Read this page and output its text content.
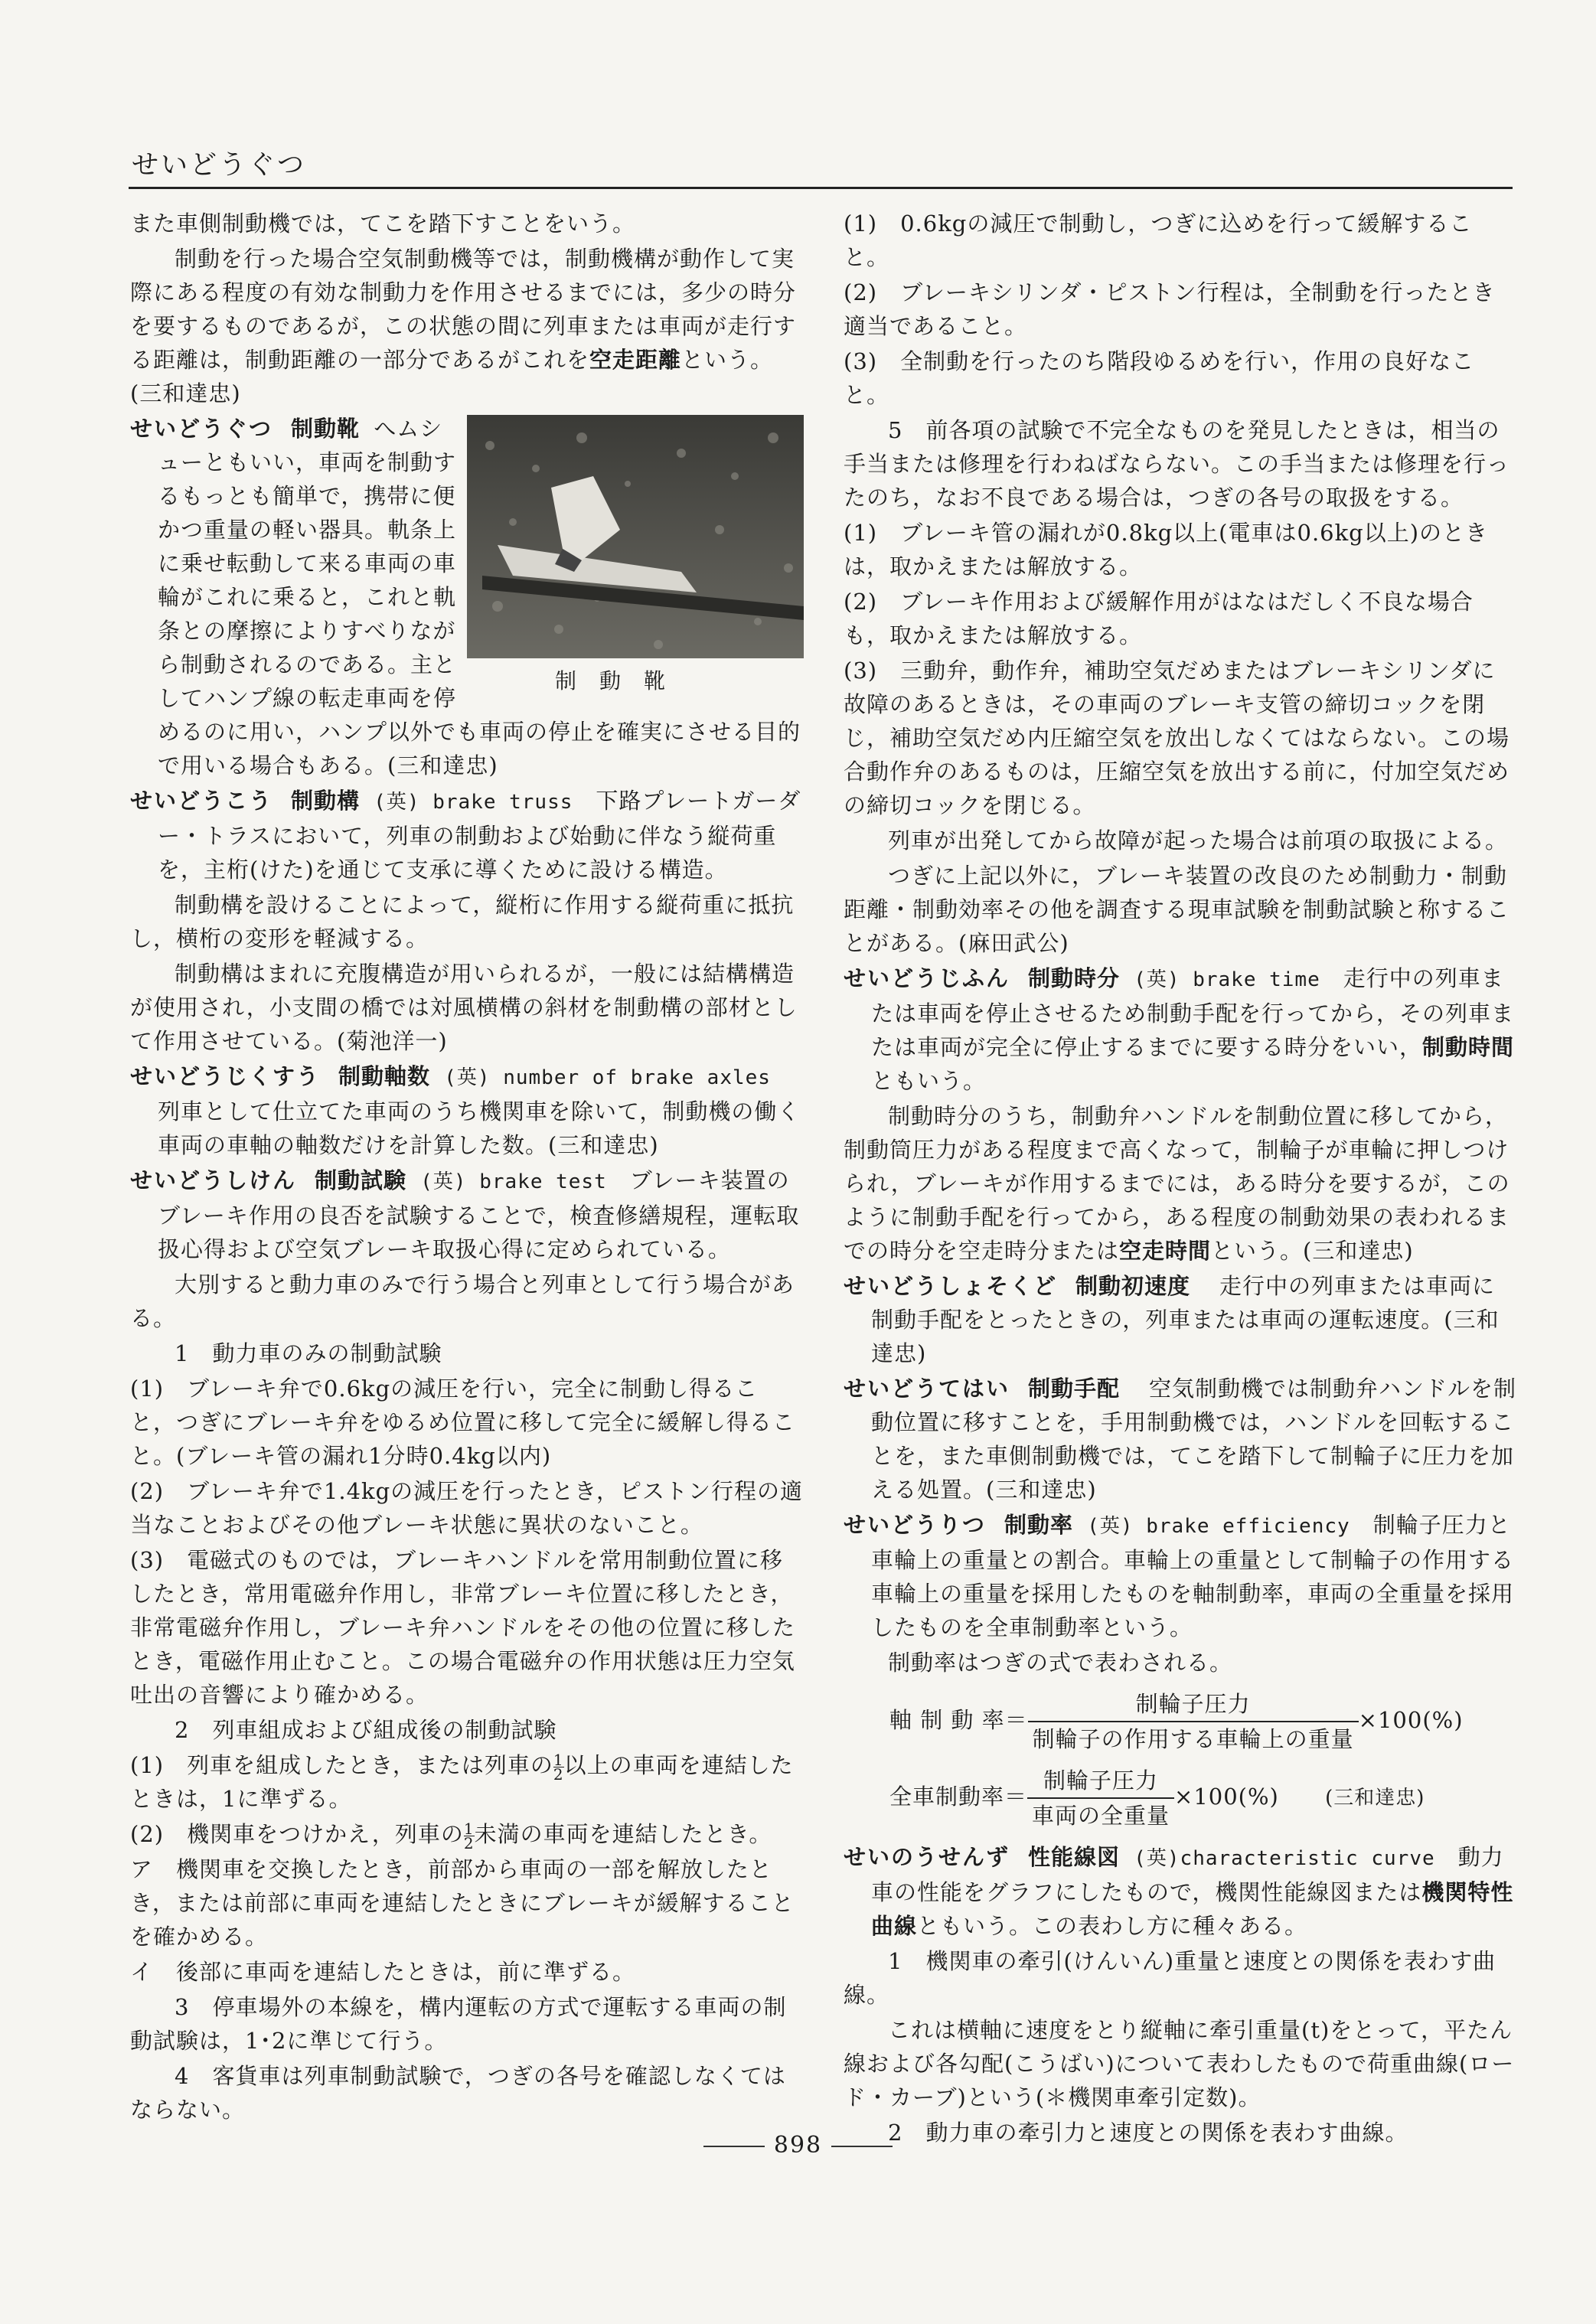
せいどうぐつ

また車側制動機では，てこを踏下すことをいう。

制動を行った場合空気制動機等では，制動機構が動作して実際にある程度の有効な制動力を作用させるまでには，多少の時分を要するものであるが，この状態の間に列車または車両が走行する距離は，制動距離の一部分であるがこれを空走距離という。(三和達忠)

せいどうぐつ 制動靴
制動靴
へムシューともいい，車両を制動するもっとも簡単で，携帯に便かつ重量の軽い器具。軌条上に乗せ転動して来る車両の車輪がこれに乗ると，これと軌条との摩擦によりすべりながら制動されるのである。主としてハンプ線の転走車両を停めるのに用い，ハンプ以外でも車両の停止を確実にさせる目的で用いる場合もある。(三和達忠)
せいどうこう 制動構 (英) brake truss　 下路プレートガーダー・トラスにおいて，列車の制動および始動に伴なう縦荷重を，主桁(けた)を通じて支承に導くために設ける構造。

制動構を設けることによって，縦桁に作用する縦荷重に抵抗し，横桁の変形を軽減する。

制動構はまれに充腹構造が用いられるが，一般には結構構造が使用され，小支間の橋では対風横構の斜材を制動構の部材として作用させている。(菊池洋一)

せいどうじくすう 制動軸数 (英) number of brake axles　列車として仕立てた車両のうち機関車を除いて，制動機の働く車両の車軸の軸数だけを計算した数。(三和達忠)
せいどうしけん 制動試験 (英) brake test　 ブレーキ装置のブレーキ作用の良否を試験することで，検査修繕規程，運転取扱心得および空気ブレーキ取扱心得に定められている。

大別すると動力車のみで行う場合と列車として行う場合がある。

1　動力車のみの制動試験

(1)　ブレーキ弁で0.6kgの減圧を行い，完全に制動し得ること，つぎにブレーキ弁をゆるめ位置に移して完全に緩解し得ること。(ブレーキ管の漏れ1分時0.4kg以内)

(2)　ブレーキ弁で1.4kgの減圧を行ったとき，ピストン行程の適当なことおよびその他ブレーキ状態に異状のないこと。

(3)　電磁式のものでは，ブレーキハンドルを常用制動位置に移したとき，常用電磁弁作用し，非常ブレーキ位置に移したとき，非常電磁弁作用し，ブレーキ弁ハンドルをその他の位置に移したとき，電磁作用止むこと。この場合電磁弁の作用状態は圧力空気吐出の音響により確かめる。

2　列車組成および組成後の制動試験

(1)　列車を組成したとき，または列車の $\frac{1}{2}$以上の車両を連結したときは，1に準ずる。

(2)　機関車をつけかえ，列車の $\frac{1}{2}$未満の車両を連結したとき。

ア　機関車を交換したとき，前部から車両の一部を解放したとき，または前部に車両を連結したときにブレーキが緩解することを確かめる。

イ　後部に車両を連結したときは，前に準ずる。

3　停車場外の本線を，構内運転の方式で運転する車両の制動試験は，1･2に準じて行う。

4　客貨車は列車制動試験で，つぎの各号を確認しなくてはならない。

(1)　0.6kgの減圧で制動し，つぎに込めを行って緩解すること。

(2)　ブレーキシリンダ・ピストン行程は，全制動を行ったとき適当であること。

(3)　全制動を行ったのち階段ゆるめを行い，作用の良好なこと。

5　前各項の試験で不完全なものを発見したときは，相当の手当または修理を行わねばならない。この手当または修理を行ったのち，なお不良である場合は，つぎの各号の取扱をする。

(1)　ブレーキ管の漏れが0.8kg以上(電車は0.6kg以上)のときは，取かえまたは解放する。

(2)　ブレーキ作用および緩解作用がはなはだしく不良な場合も，取かえまたは解放する。

(3)　三動弁，動作弁，補助空気だめまたはブレーキシリンダに故障のあるときは，その車両のブレーキ支管の締切コックを閉じ，補助空気だめ内圧縮空気を放出しなくてはならない。この場合動作弁のあるものは，圧縮空気を放出する前に，付加空気だめの締切コックを閉じる。

列車が出発してから故障が起った場合は前項の取扱による。

つぎに上記以外に，ブレーキ装置の改良のため制動力・制動距離・制動効率その他を調査する現車試験を制動試験と称することがある。(麻田武公)

せいどうじふん 制動時分 (英) brake time　 走行中の列車または車両を停止させるため制動手配を行ってから，その列車または車両が完全に停止するまでに要する時分をいい，制動時間ともいう。

制動時分のうち，制動弁ハンドルを制動位置に移してから，制動筒圧力がある程度まで高くなって，制輪子が車輪に押しつけられ，ブレーキが作用するまでには，ある時分を要するが，このように制動手配を行ってから，ある程度の制動効果の表われるまでの時分を空走時分または空走時間という。(三和達忠)

せいどうしょそくど 制動初速度　 走行中の列車または車両に制動手配をとったときの，列車または車両の運転速度。(三和達忠)
せいどうてはい 制動手配　 空気制動機では制動弁ハンドルを制動位置に移すことを，手用制動機では，ハンドルを回転することを，また車側制動機では，てこを踏下して制輪子に圧力を加える処置。(三和達忠)
せいどうりつ 制動率 (英) brake efficiency　 制輪子圧力と車輪上の重量との割合。車輪上の重量として制輪子の作用する車輪上の重量を採用したものを軸制動率，車両の全重量を採用したものを全車制動率という。

制動率はつぎの式で表わされる。

軸 制 動 率＝ $\frac{\text{制輪子圧力}}{\text{制輪子の作用する車輪上の重量}} \times 100(\%)$
全車制動率＝ $\frac{\text{制輪子圧力}}{\text{車両の全重量}} \times 100(\%)$ (三和達忠)
せいのうせんず 性能線図 (英)characteristic curve　 動力車の性能をグラフにしたもので，機関性能線図または機関特性曲線ともいう。この表わし方に種々ある。

1　機関車の牽引(けんいん)重量と速度との関係を表わす曲線。

これは横軸に速度をとり縦軸に牽引重量(t)をとって，平たん線および各勾配(こうばい)について表わしたもので荷重曲線(ロード・カーブ)という(＊機関車牽引定数)。

2　動力車の牽引力と速度との関係を表わす曲線。

898
